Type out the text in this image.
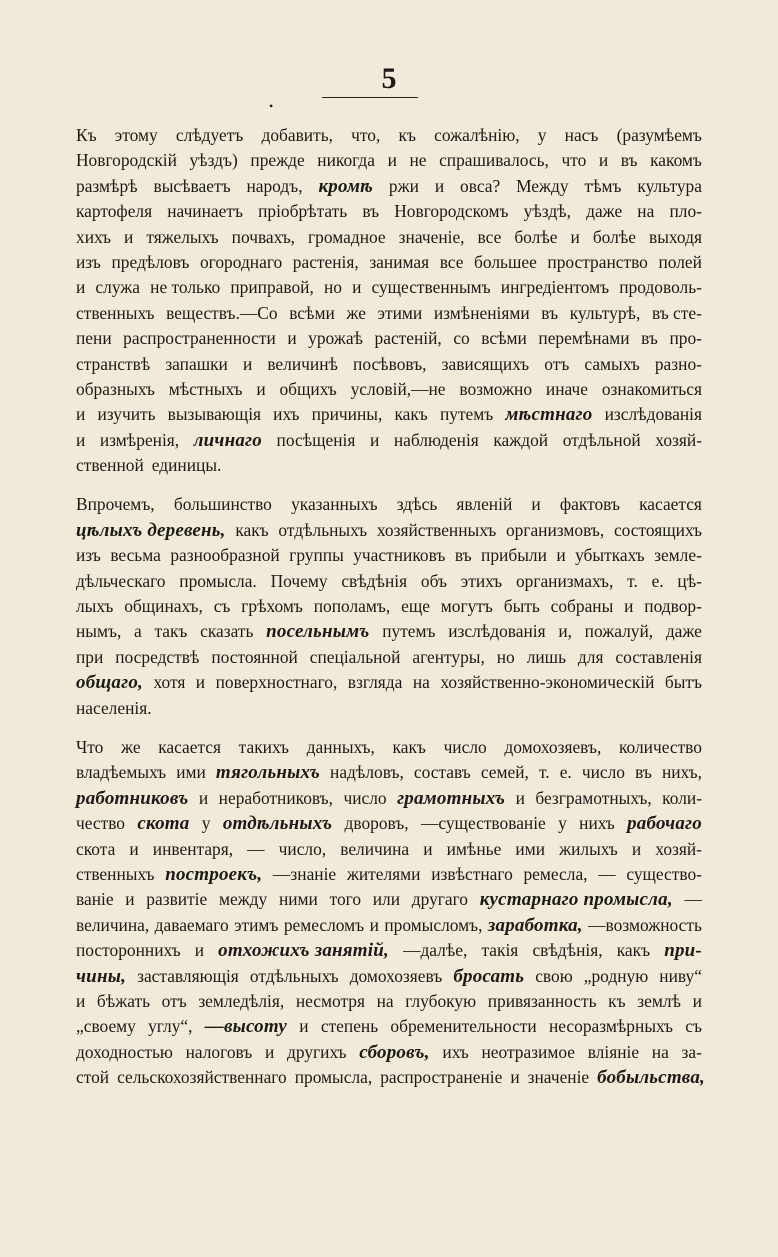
5
•
Къ этому слѣдуетъ добавить, что, къ сожалѣнію, у насъ (разумѣемъ
Новгородскій уѣздъ) прежде никогда и не спрашивалось, что и въ какомъ
размѣрѣ высѣваетъ народъ, кромѣ ржи и овса? Между тѣмъ культура
картофеля начинаетъ пріобрѣтать въ Новгородскомъ уѣздѣ, даже на пло-
хихъ и тяжелыхъ почвахъ, громадное значеніе, все болѣе и болѣе выходя
изъ предѣловъ огороднаго растенія, занимая все большее пространство полей
и служа не только приправой, но и существеннымъ ингредіентомъ продоволь-
ственныхъ веществъ.—Со всѣми же этими измѣненіями въ культурѣ, въ сте-
пени распространенности и урожаѣ растеній, со всѣми перемѣнами въ про-
странствѣ запашки и величинѣ посѣвовъ, зависящихъ отъ самыхъ разно-
образныхъ мѣстныхъ и общихъ условій,—не возможно иначе ознакомиться
и изучить вызывающія ихъ причины, какъ путемъ мѣстнаго изслѣдованія
и измѣренія, личнаго посѣщенія и наблюденія каждой отдѣльной хозяй-
ственной единицы.
Впрочемъ, большинство указанныхъ здѣсь явленій и фактовъ касается
цѣлыхъ деревень, какъ отдѣльныхъ хозяйственныхъ организмовъ, состоящихъ
изъ весьма разнообразной группы участниковъ въ прибыли и убыткахъ земле-
дѣльческаго промысла. Почему свѣдѣнія объ этихъ организмахъ, т. е. цѣ-
лыхъ общинахъ, съ грѣхомъ пополамъ, еще могутъ быть собраны и подвор-
нымъ, а такъ сказать посельнымъ путемъ изслѣдованія и, пожалуй, даже
при посредствѣ постоянной спеціальной агентуры, но лишь для составленія
общаго, хотя и поверхностнаго, взгляда на хозяйственно-экономическій бытъ
населенія.
Что же касается такихъ данныхъ, какъ число домохозяевъ, количество
владѣемыхъ ими тягольныхъ надѣловъ, составъ семей, т. е. число въ нихъ,
работниковъ и неработниковъ, число грамотныхъ и безграмотныхъ, коли-
чество скота у отдѣльныхъ дворовъ, —существованіе у нихъ рабочаго
скота и инвентаря, — число, величина и имѣнье ими жилыхъ и хозяй-
ственныхъ построекъ, —знаніе жителями извѣстнаго ремесла, — существо-
ваніе и развитіе между ними того или другаго кустарнаго промысла, —
величина, даваемаго этимъ ремесломъ и промысломъ, заработка, —возможность
постороннихъ и отхожихъ занятій, —далѣе, такія свѣдѣнія, какъ при-
чины, заставляющія отдѣльныхъ домохозяевъ бросать свою „родную ниву“
и бѣжать отъ земледѣлія, несмотря на глубокую привязанность къ землѣ и
„своему углу“, —высоту и степень обременительности несоразмѣрныхъ съ
доходностью налоговъ и другихъ сборовъ, ихъ неотразимое вліяніе на за-
стой сельскохозяйственнаго промысла, распространеніе и значеніе бобыльства,
